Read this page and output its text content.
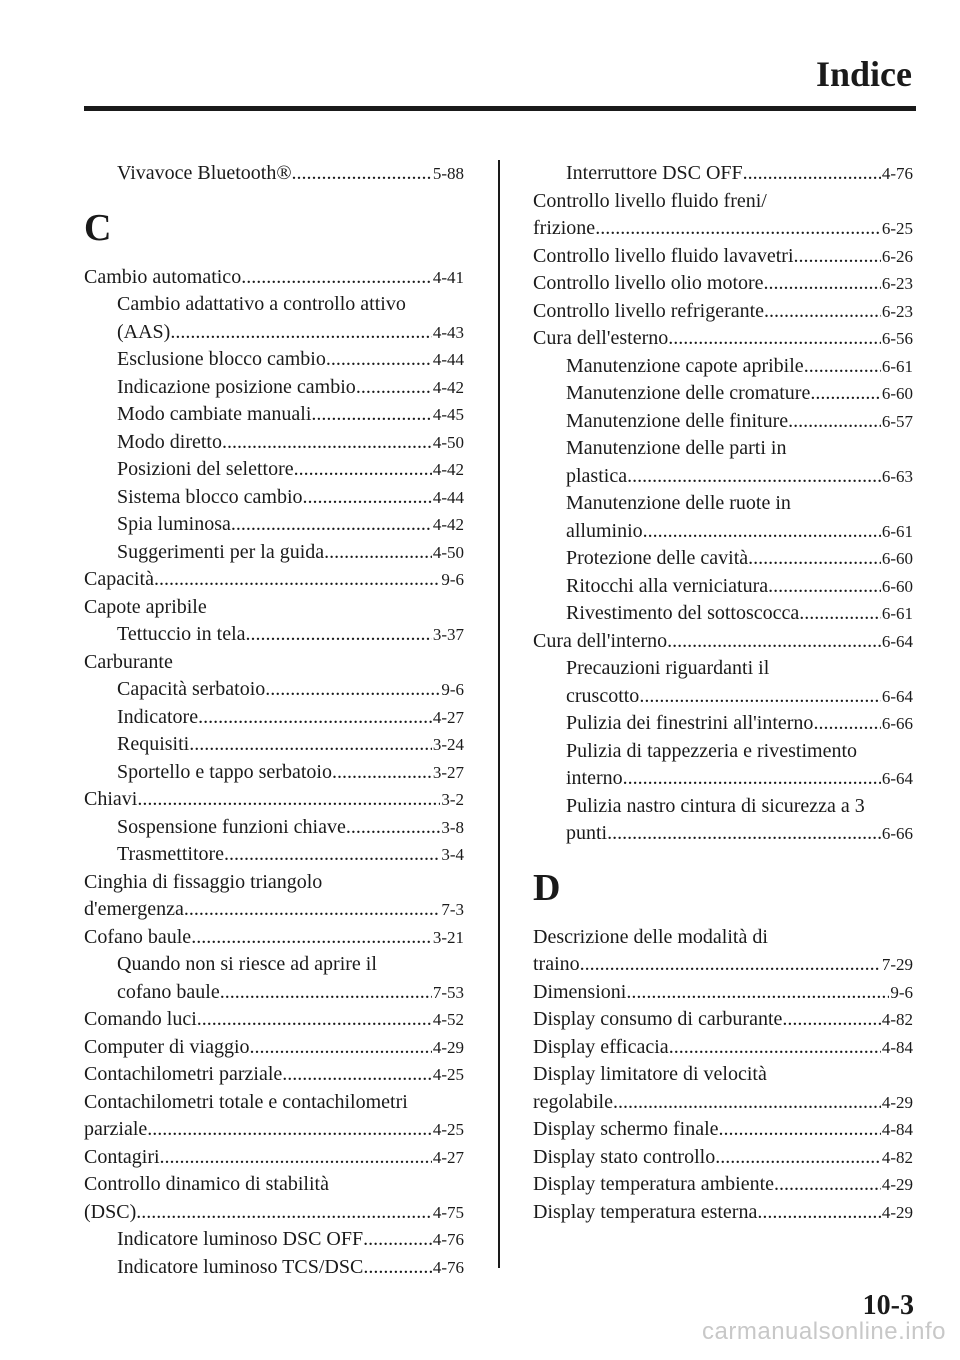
Indice
Vivavoce Bluetooth® .....	5-88
C
Cambio automatico .....	4-41
Cambio adattativo a controllo attivo
(AAS) .....	4-43
Esclusione blocco cambio .....	4-44
Indicazione posizione cambio .....	4-42
Modo cambiate manuali .....	4-45
Modo diretto .....	4-50
Posizioni del selettore .....	4-42
Sistema blocco cambio .....	4-44
Spia luminosa .....	4-42
Suggerimenti per la guida .....	4-50
Capacità .....	9-6
Capote apribile
Tettuccio in tela .....	3-37
Carburante
Capacità serbatoio .....	9-6
Indicatore .....	4-27
Requisiti .....	3-24
Sportello e tappo serbatoio .....	3-27
Chiavi .....	3-2
Sospensione funzioni chiave .....	3-8
Trasmettitore .....	3-4
Cinghia di fissaggio triangolo
d'emergenza .....	7-3
Cofano baule .....	3-21
Quando non si riesce ad aprire il
cofano baule .....	7-53
Comando luci .....	4-52
Computer di viaggio .....	4-29
Contachilometri parziale .....	4-25
Contachilometri totale e contachilometri
parziale .....	4-25
Contagiri .....	4-27
Controllo dinamico di stabilità
(DSC) .....	4-75
Indicatore luminoso DSC OFF .....	4-76
Indicatore luminoso TCS/DSC .....	4-76
Interruttore DSC OFF .....	4-76
Controllo livello fluido freni/
frizione .....	6-25
Controllo livello fluido lavavetri .....	6-26
Controllo livello olio motore .....	6-23
Controllo livello refrigerante .....	6-23
Cura dell'esterno .....	6-56
Manutenzione capote apribile .....	6-61
Manutenzione delle cromature .....	6-60
Manutenzione delle finiture .....	6-57
Manutenzione delle parti in
plastica .....	6-63
Manutenzione delle ruote in
alluminio .....	6-61
Protezione delle cavità .....	6-60
Ritocchi alla verniciatura .....	6-60
Rivestimento del sottoscocca .....	6-61
Cura dell'interno .....	6-64
Precauzioni riguardanti il
cruscotto .....	6-64
Pulizia dei finestrini all'interno .....	6-66
Pulizia di tappezzeria e rivestimento
interno .....	6-64
Pulizia nastro cintura di sicurezza a 3
punti .....	6-66
D
Descrizione delle modalità di
traino .....	7-29
Dimensioni .....	9-6
Display consumo di carburante .....	4-82
Display efficacia .....	4-84
Display limitatore di velocità
regolabile .....	4-29
Display schermo finale .....	4-84
Display stato controllo .....	4-82
Display temperatura ambiente .....	4-29
Display temperatura esterna .....	4-29
10-3
carmanualsonline.info
